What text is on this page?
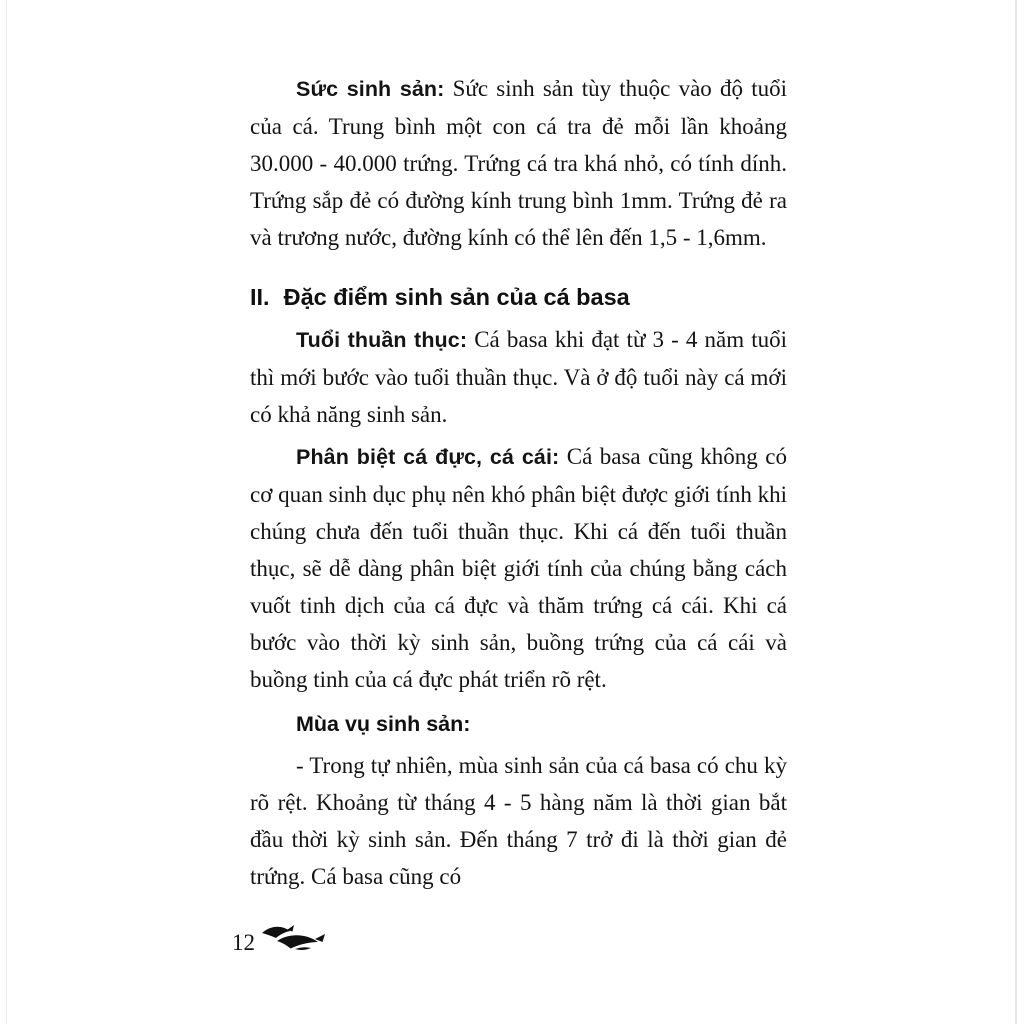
Sức sinh sản: Sức sinh sản tùy thuộc vào độ tuổi của cá. Trung bình một con cá tra đẻ mỗi lần khoảng 30.000 - 40.000 trứng. Trứng cá tra khá nhỏ, có tính dính. Trứng sắp đẻ có đường kính trung bình 1mm. Trứng đẻ ra và trương nước, đường kính có thể lên đến 1,5 - 1,6mm.

II. Đặc điểm sinh sản của cá basa

Tuổi thuần thục: Cá basa khi đạt từ 3 - 4 năm tuổi thì mới bước vào tuổi thuần thục. Và ở độ tuổi này cá mới có khả năng sinh sản.

Phân biệt cá đực, cá cái: Cá basa cũng không có cơ quan sinh dục phụ nên khó phân biệt được giới tính khi chúng chưa đến tuổi thuần thục. Khi cá đến tuổi thuần thục, sẽ dễ dàng phân biệt giới tính của chúng bằng cách vuốt tinh dịch của cá đực và thăm trứng cá cái. Khi cá bước vào thời kỳ sinh sản, buồng trứng của cá cái và buồng tinh của cá đực phát triển rõ rệt.

Mùa vụ sinh sản:

- Trong tự nhiên, mùa sinh sản của cá basa có chu kỳ rõ rệt. Khoảng từ tháng 4 - 5 hàng năm là thời gian bắt đầu thời kỳ sinh sản. Đến tháng 7 trở đi là thời gian đẻ trứng. Cá basa cũng có

12
